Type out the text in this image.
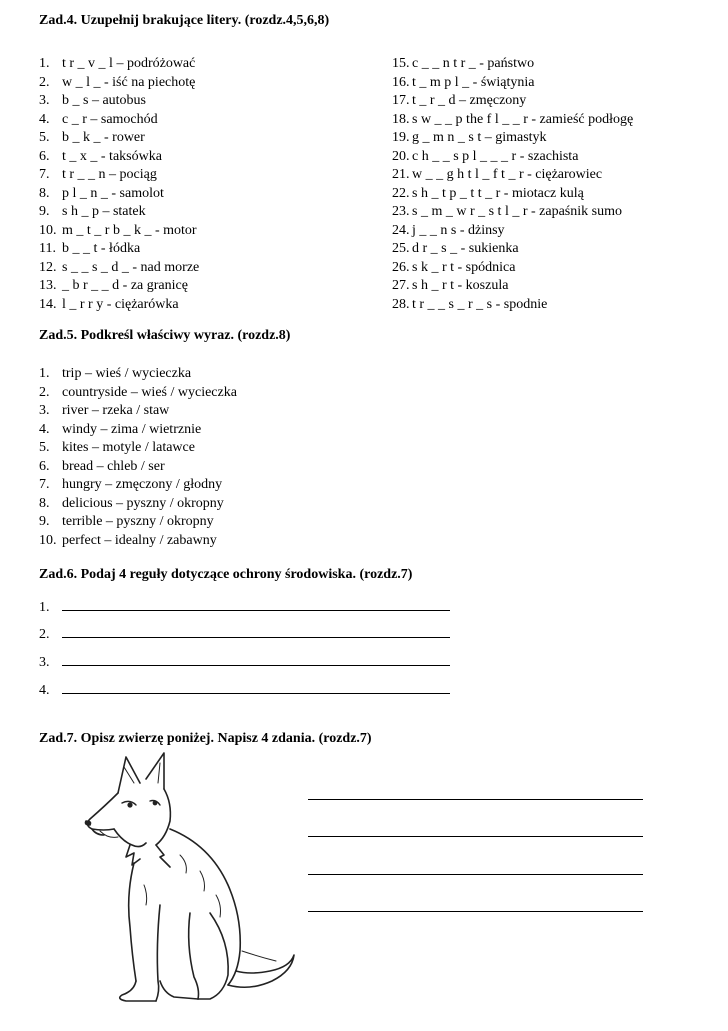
Zad.4. Uzupełnij brakujące litery. (rozdz.4,5,6,8)
1. t r _ v _ l – podróżować
2. w _ l _ - iść na piechotę
3. b _ s – autobus
4. c _ r – samochód
5. b _ k _ - rower
6. t _ x _ - taksówka
7. t r _ _ n – pociąg
8. p l _ n _ - samolot
9. s h _ p – statek
10. m _ t _ r b _ k _ - motor
11. b _ _ t - łódka
12. s _ _ s _ d _ - nad morze
13. _ b r _ _ d - za granicę
14. l _ r r y - ciężarówka
15. c _ _ n t r _ - państwo
16. t _ m p l _ - świątynia
17. t _ r _ d – zmęczony
18. s w _ _ p the f l _ _ r - zamieść podłogę
19. g _ m n _ s t – gimastyk
20. c h _ _ s p l _ _ _ r - szachista
21. w _ _ g h t l _ f t _ r - ciężarowiec
22. s h _ t p _ t t _ r - miotacz kulą
23. s _ m _ w r _ s t l _ r - zapaśnik sumo
24. j _ _ n s - dżinsy
25. d r _ s _ - sukienka
26. s k _ r t - spódnica
27. s h _ r t - koszula
28. t r _ _ s _ r _ s - spodnie
Zad.5. Podkreśl właściwy wyraz. (rozdz.8)
1. trip – wieś / wycieczka
2. countryside – wieś / wycieczka
3. river – rzeka / staw
4. windy – zima / wietrznie
5. kites – motyle / latawce
6. bread – chleb / ser
7. hungry – zmęczony / głodny
8. delicious – pyszny / okropny
9. terrible – pyszny / okropny
10. perfect – idealny / zabawny
Zad.6. Podaj 4 reguły dotyczące ochrony środowiska. (rozdz.7)
1.
2.
3.
4.
Zad.7. Opisz zwierzę poniżej. Napisz 4 zdania. (rozdz.7)
